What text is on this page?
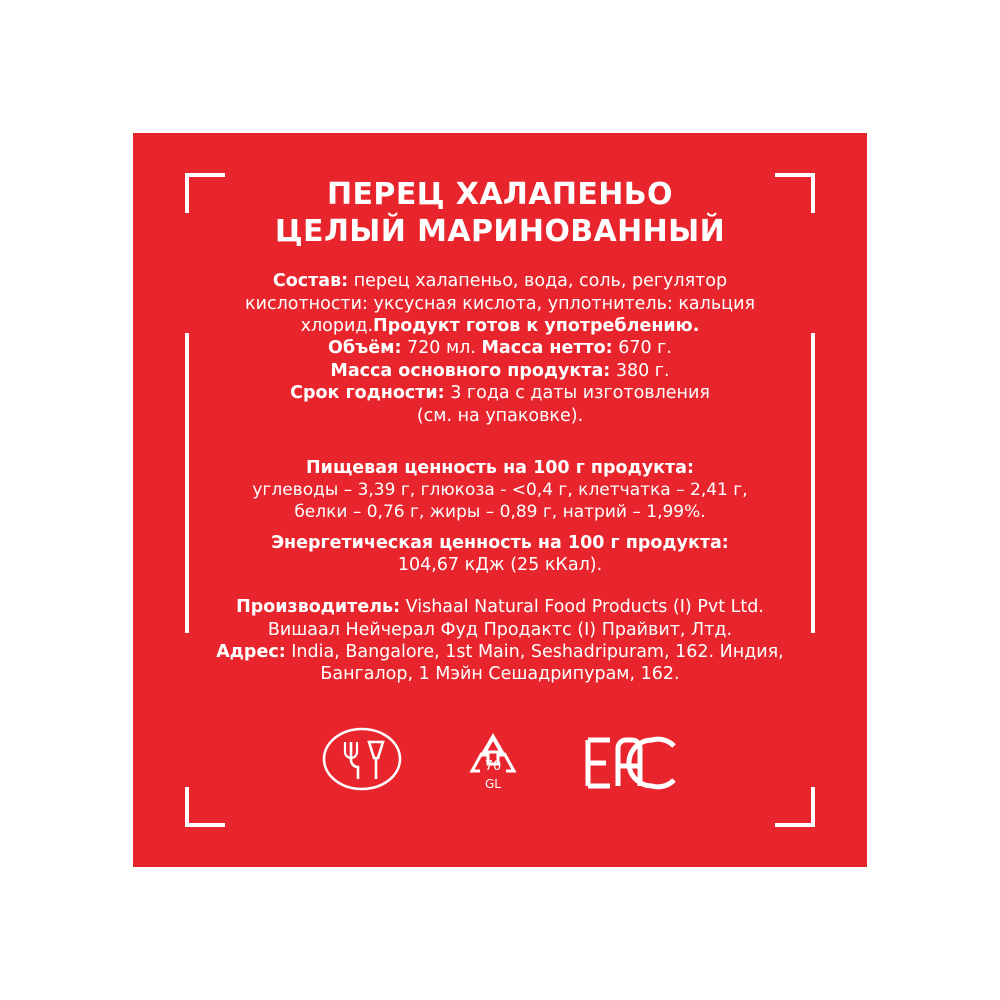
ПЕРЕЦ ХАЛАПЕНЬО
ЦЕЛЫЙ МАРИНОВАННЫЙ

Состав: перец халапеньо, вода, соль, регулятор

кислотности: уксусная кислота, уплотнитель: кальция

хлорид.Продукт готов к употреблению.

Объём: 720 мл. Масса нетто: 670 г.

Масса основного продукта: 380 г.

Срок годности: 3 года с даты изготовления

(см. на упаковке).

Пищевая ценность на 100 г продукта:

углеводы – 3,39 г, глюкоза - <0,4 г, клетчатка – 2,41 г,

белки – 0,76 г, жиры – 0,89 г, натрий – 1,99%.

Энергетическая ценность на 100 г продукта:

104,67 кДж (25 кКал).

Производитель: Vishaal Natural Food Products (I) Pvt Ltd.

Вишаал Нейчерал Фуд Продактс (I) Прайвит, Лтд.

Адрес: India, Bangalore, 1st Main, Seshadripuram, 162. Индия,

Бангалор, 1 Мэйн Сешадрипурам, 162.

70
GL
